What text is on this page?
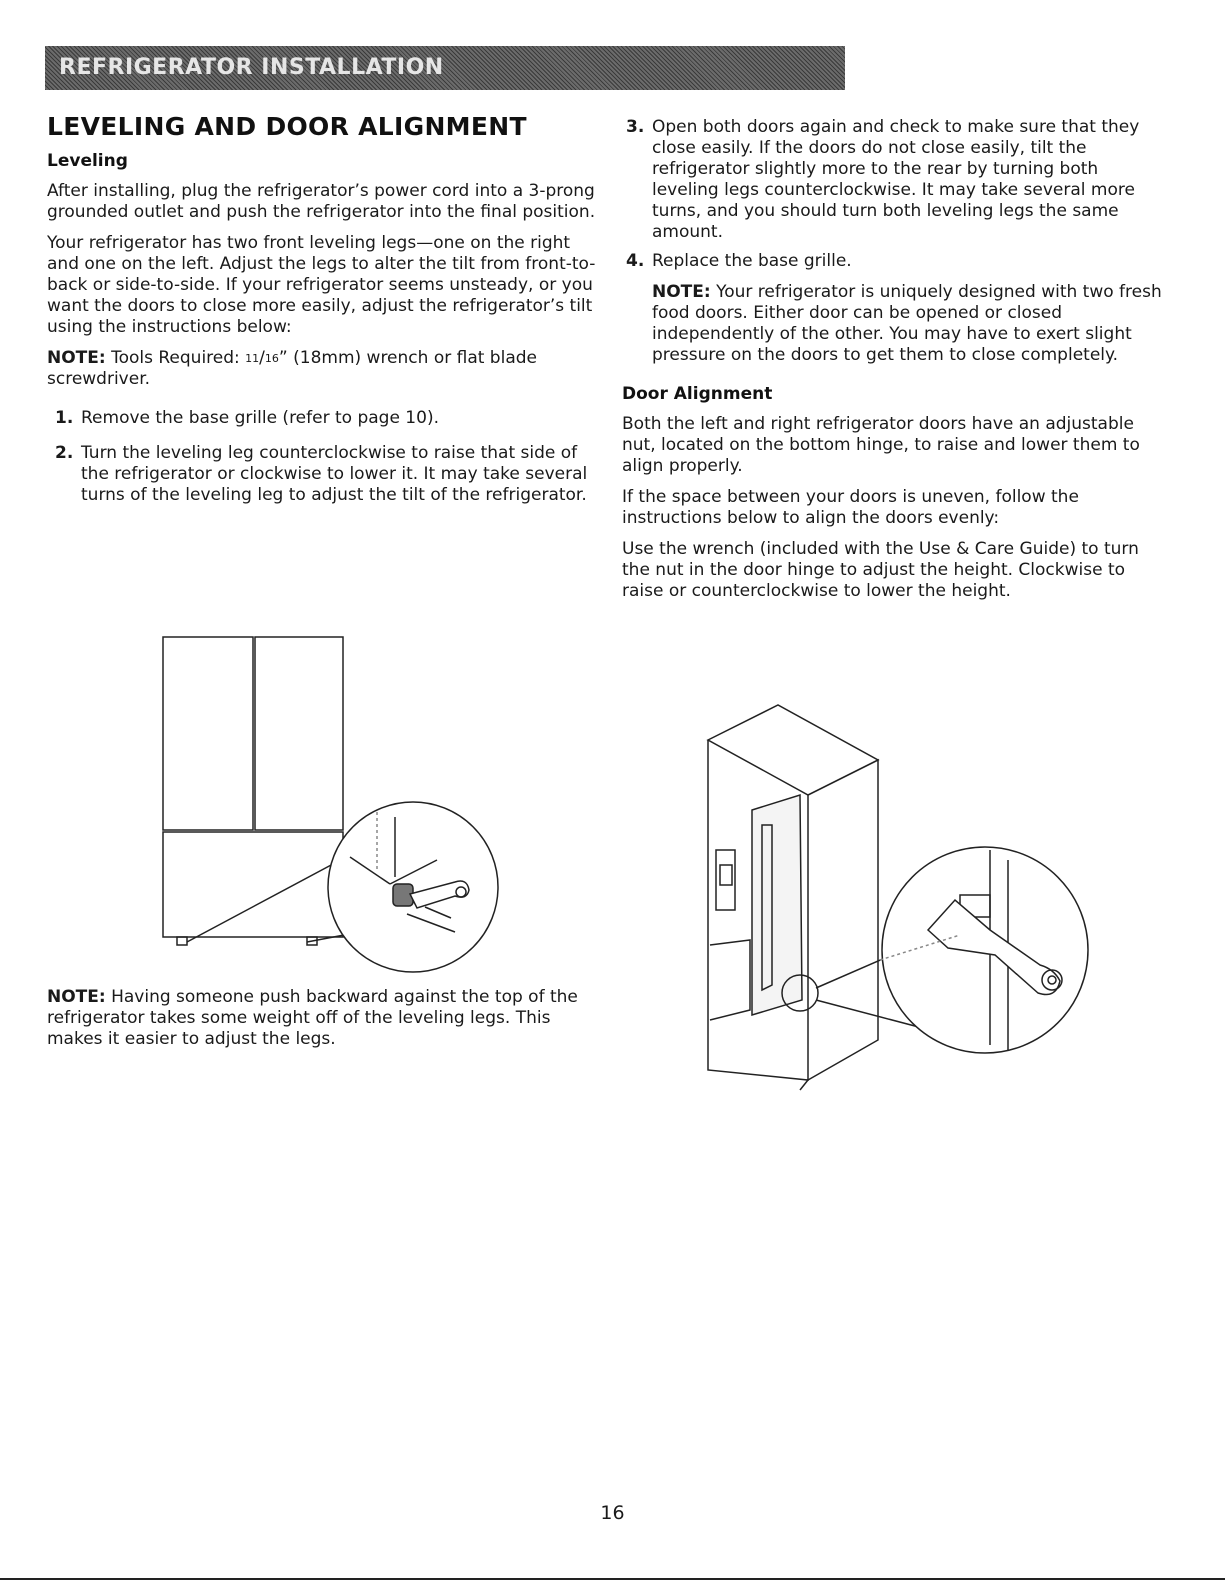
REFRIGERATOR INSTALLATION
LEVELING AND DOOR ALIGNMENT
Leveling

After installing, plug the refrigerator’s power cord into a 3-prong grounded outlet and push the refrigerator into the final position.

Your refrigerator has two front leveling legs—one on the right and one on the left. Adjust the legs to alter the tilt from front-to-back or side-to-side. If your refrigerator seems unsteady, or you want the doors to close more easily, adjust the refrigerator’s tilt using the instructions below:

NOTE: Tools Required: $^{11}$/16” (18mm) wrench or flat blade screwdriver.

1. Remove the base grille (refer to page 10).
2. Turn the leveling leg counterclockwise to raise that side of the refrigerator or clockwise to lower it. It may take several turns of the leveling leg to adjust the tilt of the refrigerator.

NOTE: Having someone push backward against the top of the refrigerator takes some weight off of the leveling legs. This makes it easier to adjust the legs.

3. Open both doors again and check to make sure that they close easily. If the doors do not close easily, tilt the refrigerator slightly more to the rear by turning both leveling legs counterclockwise. It may take several more turns, and you should turn both leveling legs the same amount.
4. Replace the base grille.

NOTE: Your refrigerator is uniquely designed with two fresh food doors. Either door can be opened or closed independently of the other. You may have to exert slight pressure on the doors to get them to close completely.

Door Alignment

Both the left and right refrigerator doors have an adjustable nut, located on the bottom hinge, to raise and lower them to align properly.

If the space between your doors is uneven, follow the instructions below to align the doors evenly:

Use the wrench (included with the Use & Care Guide) to turn the nut in the door hinge to adjust the height. Clockwise to raise or counterclockwise to lower the height.

16
